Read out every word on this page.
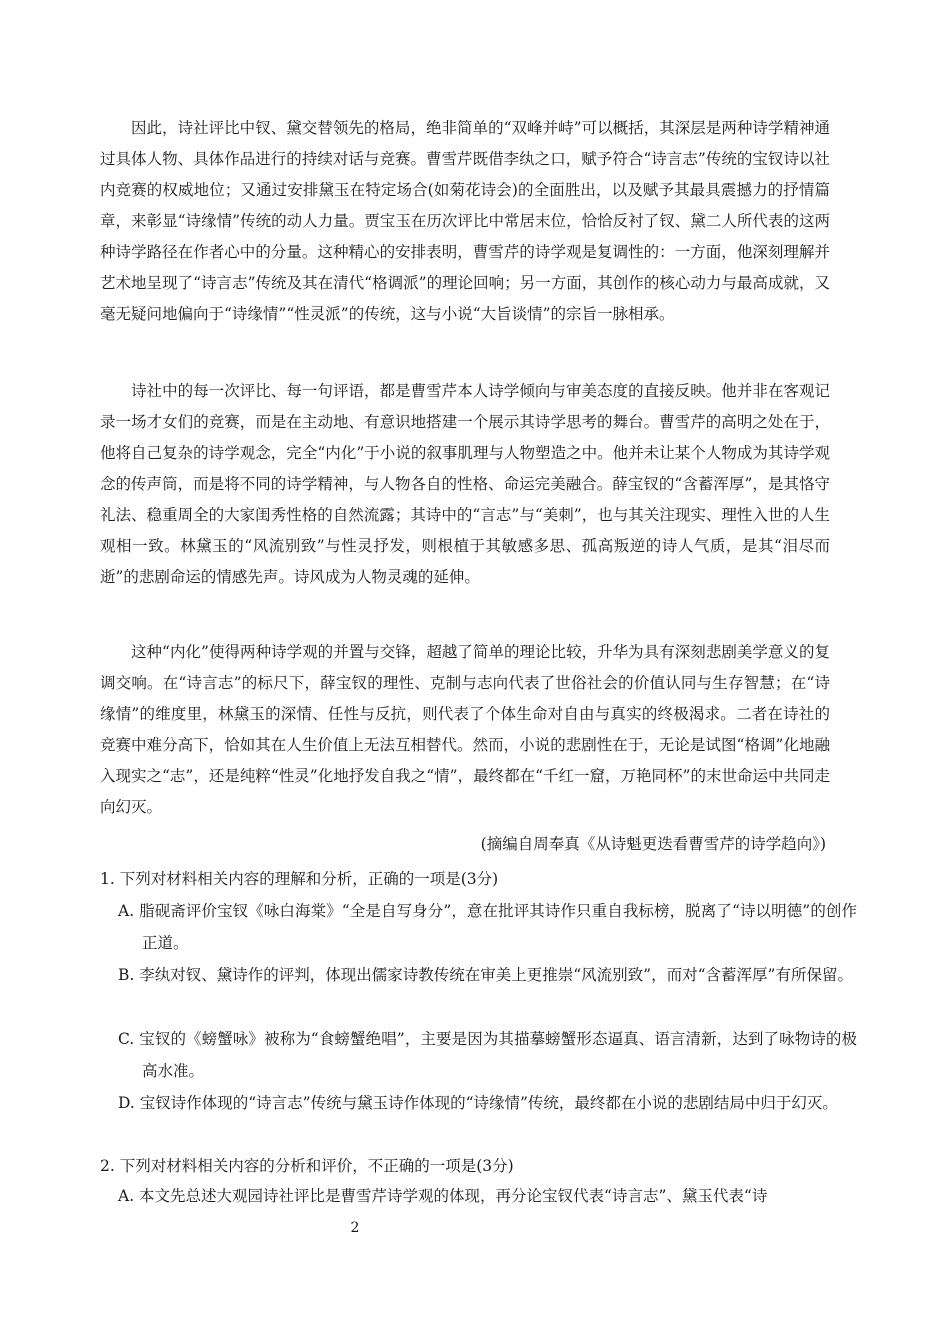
因此，诗社评比中钗、黛交替领先的格局，绝非简单的“双峰并峙”可以概括，其深层是两种诗学精神通过具体人物、具体作品进行的持续对话与竞赛。曹雪芹既借李纨之口，赋予符合“诗言志”传统的宝钗诗以社内竞赛的权威地位；又通过安排黛玉在特定场合(如菊花诗会)的全面胜出，以及赋予其最具震撼力的抒情篇章，来彰显“诗缘情”传统的动人力量。贾宝玉在历次评比中常居末位，恰恰反衬了钗、黛二人所代表的这两种诗学路径在作者心中的分量。这种精心的安排表明，曹雪芹的诗学观是复调性的：一方面，他深刻理解并艺术地呈现了“诗言志”传统及其在清代“格调派”的理论回响；另一方面，其创作的核心动力与最高成就，又毫无疑问地偏向于“诗缘情”“性灵派”的传统，这与小说“大旨谈情”的宗旨一脉相承。

诗社中的每一次评比、每一句评语，都是曹雪芹本人诗学倾向与审美态度的直接反映。他并非在客观记录一场才女们的竞赛，而是在主动地、有意识地搭建一个展示其诗学思考的舞台。曹雪芹的高明之处在于，他将自己复杂的诗学观念，完全“内化”于小说的叙事肌理与人物塑造之中。他并未让某个人物成为其诗学观念的传声筒，而是将不同的诗学精神，与人物各自的性格、命运完美融合。薛宝钗的“含蓄浑厚”，是其恪守礼法、稳重周全的大家闺秀性格的自然流露；其诗中的“言志”与“美刺”，也与其关注现实、理性入世的人生观相一致。林黛玉的“风流别致”与性灵抒发，则根植于其敏感多思、孤高叛逆的诗人气质，是其“泪尽而逝”的悲剧命运的情感先声。诗风成为人物灵魂的延伸。

这种“内化”使得两种诗学观的并置与交锋，超越了简单的理论比较，升华为具有深刻悲剧美学意义的复调交响。在“诗言志”的标尺下，薛宝钗的理性、克制与志向代表了世俗社会的价值认同与生存智慧；在“诗缘情”的维度里，林黛玉的深情、任性与反抗，则代表了个体生命对自由与真实的终极渴求。二者在诗社的竞赛中难分高下，恰如其在人生价值上无法互相替代。然而，小说的悲剧性在于，无论是试图“格调”化地融入现实之“志”，还是纯粹“性灵”化地抒发自我之“情”，最终都在“千红一窟，万艳同杯”的末世命运中共同走向幻灭。

(摘编自周奉真《从诗魁更迭看曹雪芹的诗学趋向》)

1. 下列对材料相关内容的理解和分析，正确的一项是(3分)

A. 脂砚斋评价宝钗《咏白海棠》“全是自写身分”，意在批评其诗作只重自我标榜，脱离了“诗以明德”的创作正道。

B. 李纨对钗、黛诗作的评判，体现出儒家诗教传统在审美上更推崇“风流别致”，而对“含蓄浑厚”有所保留。

C. 宝钗的《螃蟹咏》被称为“食螃蟹绝唱”，主要是因为其描摹螃蟹形态逼真、语言清新，达到了咏物诗的极高水准。

D. 宝钗诗作体现的“诗言志”传统与黛玉诗作体现的“诗缘情”传统，最终都在小说的悲剧结局中归于幻灭。

2. 下列对材料相关内容的分析和评价，不正确的一项是(3分)

A. 本文先总述大观园诗社评比是曹雪芹诗学观的体现，再分论宝钗代表“诗言志”、黛玉代表“诗

2
